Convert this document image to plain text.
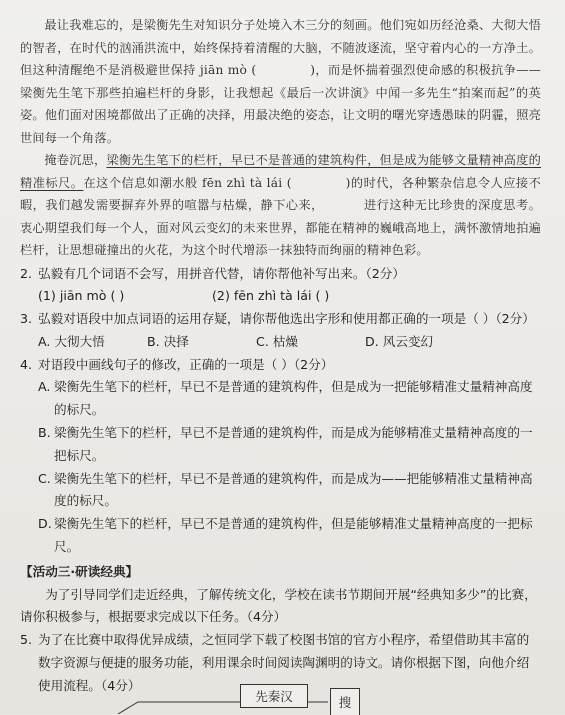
最让我难忘的，是梁衡先生对知识分子处境入木三分的刻画。他们宛如历经沧桑、大彻大悟的智者，在时代的汹涌洪流中，始终保持着清醒的大脑，不随波逐流，坚守着内心的一方净土。但这种清醒绝不是消极避世保持 jiān mò (	)，而是怀揣着强烈使命感的积极抗争——梁衡先生笔下那些拍遍栏杆的身影，让我想起《最后一次讲演》中闻一多先生“拍案而起”的英姿。他们面对困境都做出了正确的决择，用最决绝的姿态，让文明的曙光穿透愚昧的阴霾，照亮世间每一个角落。

掩卷沉思，梁衡先生笔下的栏杆，早已不是普通的建筑构件，但是成为能够文量精神高度的精准标尺。在这个信息如潮水般 fēn zhì tà lái (	)的时代，各种繁杂信息令人应接不暇，我们越发需要摒弃外界的喧嚣与枯燥，静下心来，	进行这种无比珍贵的深度思考。衷心期望我们每一个人，面对风云变幻的未来世界，都能在精神的巍峨高地上，满怀激情地拍遍栏杆，让思想碰撞出的火花，为这个时代增添一抹独特而绚丽的精神色彩。

2. 弘毅有几个词语不会写，用拼音代替，请你帮他补写出来。（2分）
(1) jiān mò ( )	(2) fēn zhì tà lái ( )
3. 弘毅对语段中加点词语的运用存疑，请你帮他选出字形和使用都正确的一项是（ ）（2分）
A. 大彻大悟	B. 决择	C. 枯燥	D. 风云变幻
4. 对语段中画线句子的修改，正确的一项是（ ）（2分）
A. 梁衡先生笔下的栏杆，早已不是普通的建筑构件，但是成为一把能够精准丈量精神高度的标尺。
B. 梁衡先生笔下的栏杆，早已不是普通的建筑构件，而是成为能够精准丈量精神高度的一把标尺。
C. 梁衡先生笔下的栏杆，早已不是普通的建筑构件，而是成为——把能够精准丈量精神高度的标尺。
D. 梁衡先生笔下的栏杆，早已不是普通的建筑构件，但是能够精准丈量精神高度的一把标尺。
【活动三·研读经典】
为了引导同学们走近经典，了解传统文化，学校在读书节期间开展“经典知多少”的比赛，请你积极参与，根据要求完成以下任务。（4分）
5. 为了在比赛中取得优异成绩，之恒同学下载了校图书馆的官方小程序，希望借助其丰富的数字资源与便捷的服务功能，利用课余时间阅读陶渊明的诗文。请你根据下图，向他介绍使用流程。（4分）
先秦汉	搜
